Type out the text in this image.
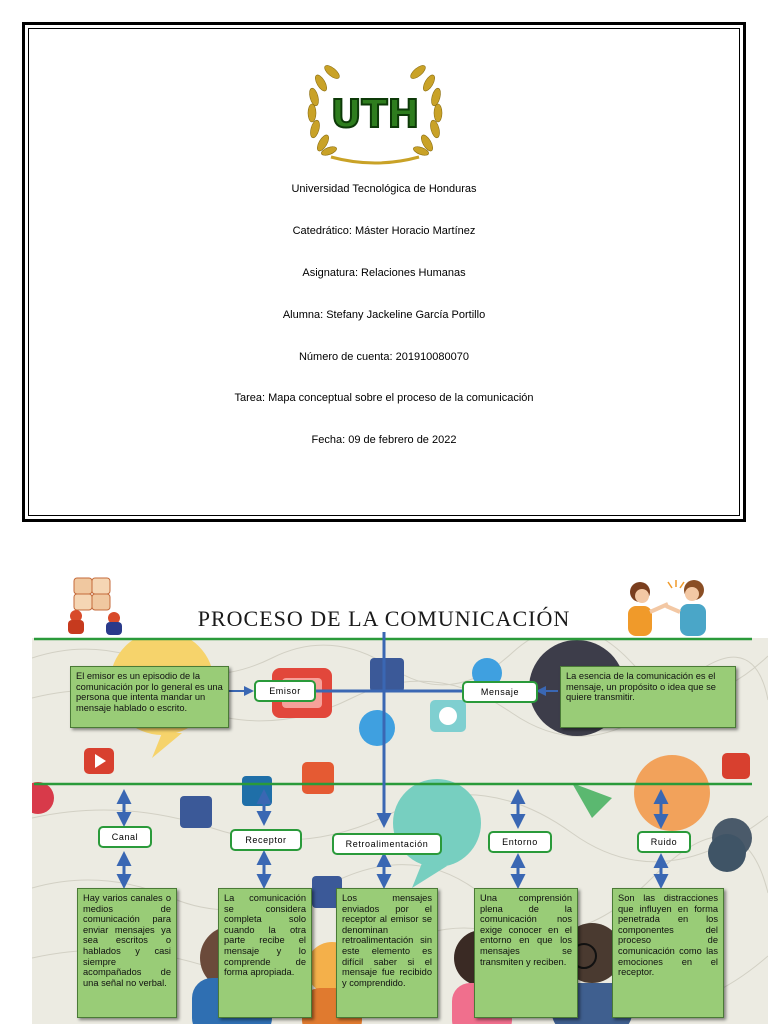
UTH
Universidad Tecnológica de Honduras
Catedrático: Máster Horacio Martínez
Asignatura: Relaciones Humanas
Alumna: Stefany Jackeline García Portillo
Número de cuenta: 201910080070
Tarea: Mapa conceptual sobre el proceso de la comunicación
Fecha: 09 de febrero de 2022
PROCESO DE LA COMUNICACIÓN
Emisor	Mensaje
Canal	Receptor	Retroalimentación	Entorno	Ruido
El emisor es un episodio de la comunicación por lo general es una persona que intenta mandar un mensaje hablado o escrito.
La esencia de la comunicación es el mensaje, un propósito o idea que se quiere transmitir.
Hay varios canales o medios de comunicación para enviar mensajes ya sea escritos o hablados y casi siempre acompañados de una señal no verbal.
La comunicación se considera completa solo cuando la otra parte recibe el mensaje y lo comprende de forma apropiada.
Los mensajes enviados por el receptor al emisor se denominan retroalimentación sin este elemento es difícil saber si el mensaje fue recibido y comprendido.
Una comprensión plena de la comunicación nos exige conocer en el entorno en que los mensajes se transmiten y reciben.
Son las distracciones que influyen en forma penetrada en los componentes del proceso de comunicación como las emociones en el receptor.
